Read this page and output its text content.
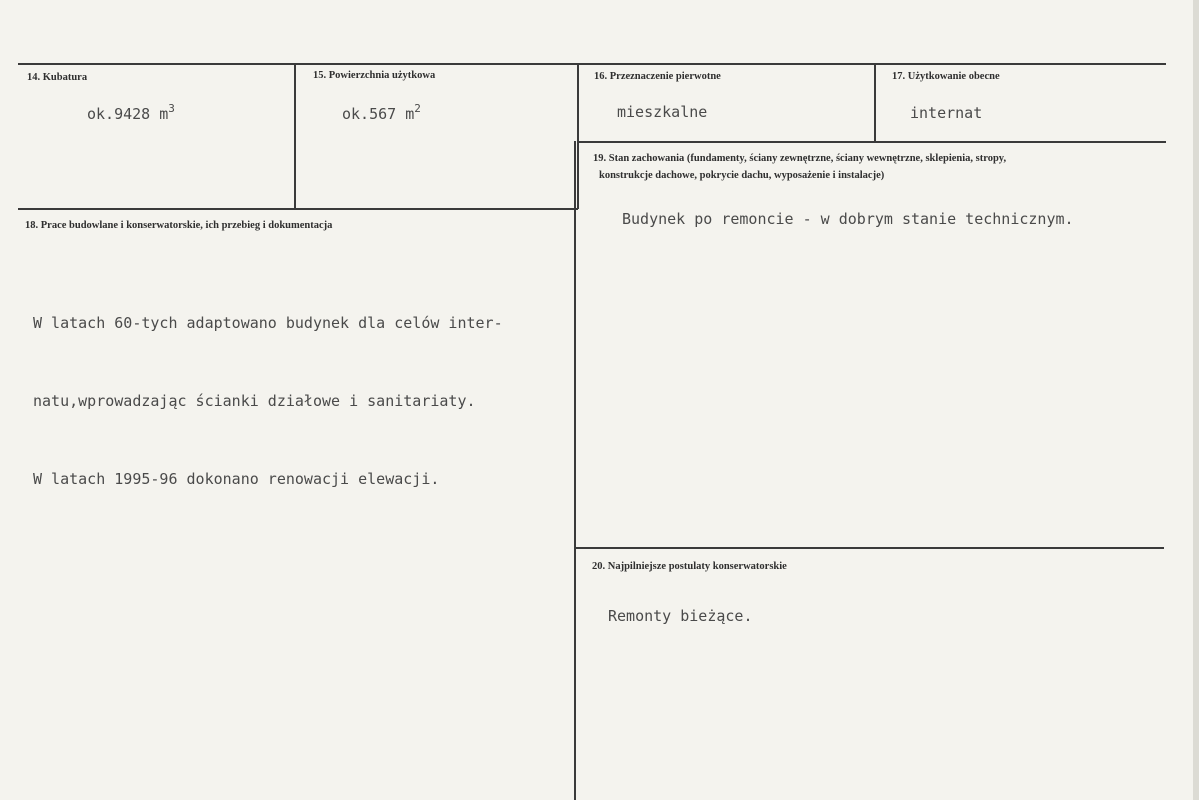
14. Kubatura
ok.9428 $m^3$
15. Powierzchnia użytkowa
ok.567 $m^2$
16. Przeznaczenie pierwotne
mieszkalne
17. Użytkowanie obecne
internat
19. Stan zachowania (fundamenty, ściany zewnętrzne, ściany wewnętrzne, sklepienia, stropy,
konstrukcje dachowe, pokrycie dachu, wyposażenie i instalacje)
Budynek po remoncie - w dobrym stanie technicznym.
18. Prace budowlane i konserwatorskie, ich przebieg i dokumentacja

W latach 60-tych adaptowano budynek dla celów inter-

natu,wprowadzając ścianki działowe i sanitariaty.

W latach 1995-96 dokonano renowacji elewacji.

20. Najpilniejsze postulaty konserwatorskie
Remonty bieżące.
